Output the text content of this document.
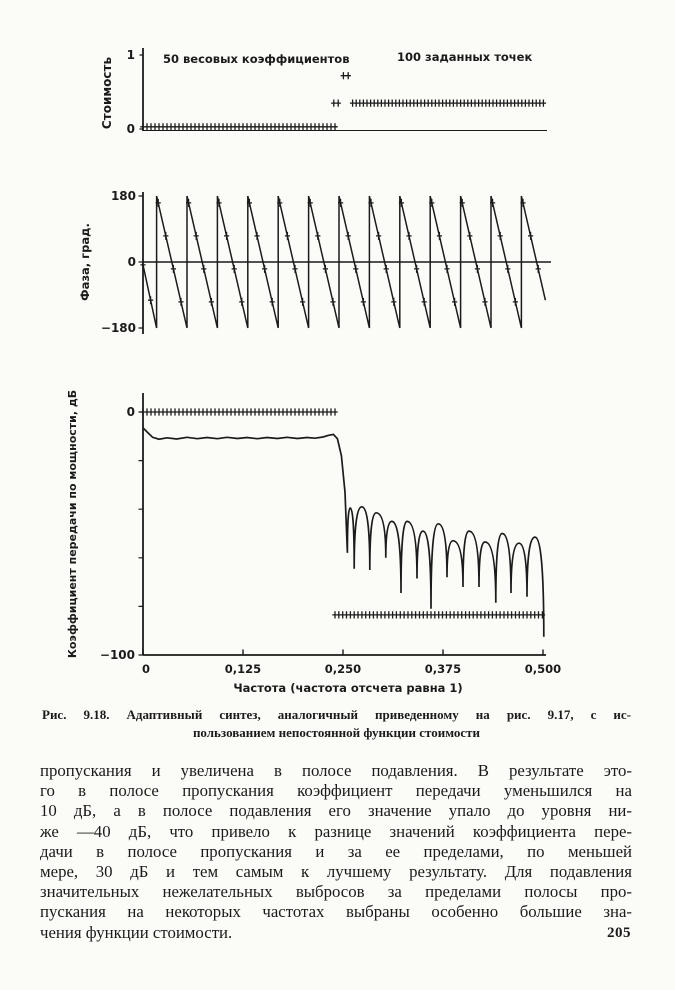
1
0
Стоимость	50 весовых коэффициентов	100 заданных точек
180
0
−180
Фаза, град.
0
−100
Коэффициент передачи по мощности, дБ
0	0,125	0,250	0,375	0,500
Частота (частота отсчета равна 1)
Рис. 9.18. Адаптивный синтез, аналогичный приведенному на рис. 9.17, с ис-
пользованием непостоянной функции стоимости
пропускания и увеличена в полосе подавления. В результате это-
го в полосе пропускания коэффициент передачи уменьшился на
10 дБ, а в полосе подавления его значение упало до уровня ни-
же —40 дБ, что привело к разнице значений коэффициента пере-
дачи в полосе пропускания и за ее пределами, по меньшей
мере, 30 дБ и тем самым к лучшему результату. Для подавления
значительных нежелательных выбросов за пределами полосы про-
пускания на некоторых частотах выбраны особенно большие зна-
чения функции стоимости.	205
